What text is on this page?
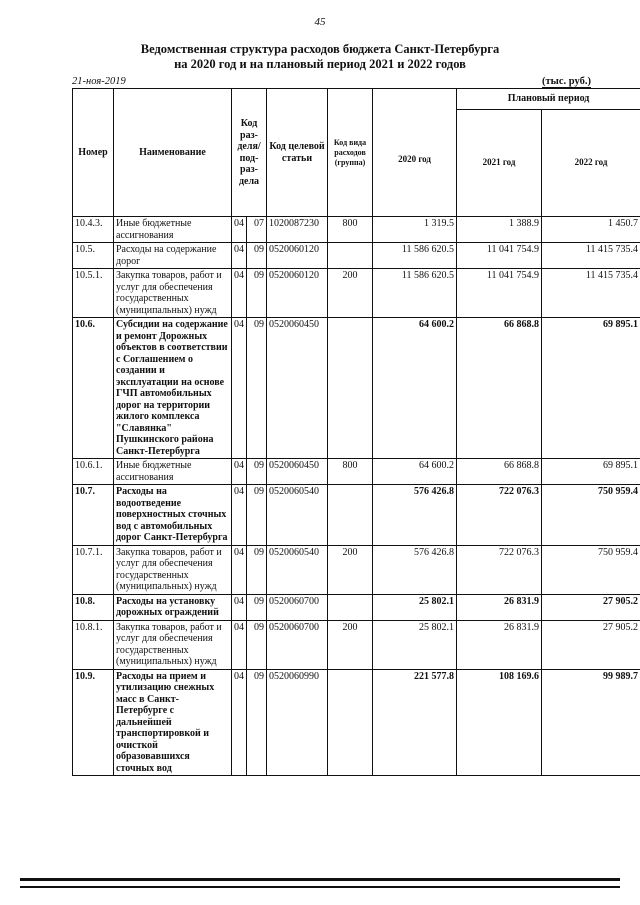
45
Ведомственная структура расходов бюджета Санкт-Петербурга
на 2020 год и на плановый период 2021 и 2022 годов
21-ноя-2019	(тыс. руб.)
Номер	Наименование	Код раз-деля/ под-раз-дела		Код целевой статьи	Код вида расходов (группа)	2020 год	Плановый период	
							2021 год	2022 год
10.4.3.	Иные бюджетные ассигнования	04	07	1020087230	800	1 319.5	1 388.9	1 450.7
10.5.	Расходы на содержание дорог	04	09	0520060120		11 586 620.5	11 041 754.9	11 415 735.4
10.5.1.	Закупка товаров, работ и услуг для обеспечения государственных (муниципальных) нужд	04	09	0520060120	200	11 586 620.5	11 041 754.9	11 415 735.4
10.6.	Субсидии на содержание и ремонт Дорожных объектов в соответствии с Соглашением о создании и эксплуатации на основе ГЧП автомобильных дорог на территории жилого комплекса "Славянка" Пушкинского района Санкт-Петербурга	04	09	0520060450		64 600.2	66 868.8	69 895.1
10.6.1.	Иные бюджетные ассигнования	04	09	0520060450	800	64 600.2	66 868.8	69 895.1
10.7.	Расходы на водоотведение поверхностных сточных вод с автомобильных дорог Санкт-Петербурга	04	09	0520060540		576 426.8	722 076.3	750 959.4
10.7.1.	Закупка товаров, работ и услуг для обеспечения государственных (муниципальных) нужд	04	09	0520060540	200	576 426.8	722 076.3	750 959.4
10.8.	Расходы на установку дорожных ограждений	04	09	0520060700		25 802.1	26 831.9	27 905.2
10.8.1.	Закупка товаров, работ и услуг для обеспечения государственных (муниципальных) нужд	04	09	0520060700	200	25 802.1	26 831.9	27 905.2
10.9.	Расходы на прием и утилизацию снежных масс в Санкт-Петербурге с дальнейшей транспортировкой и очисткой образовавшихся сточных вод	04	09	0520060990		221 577.8	108 169.6	99 989.7
